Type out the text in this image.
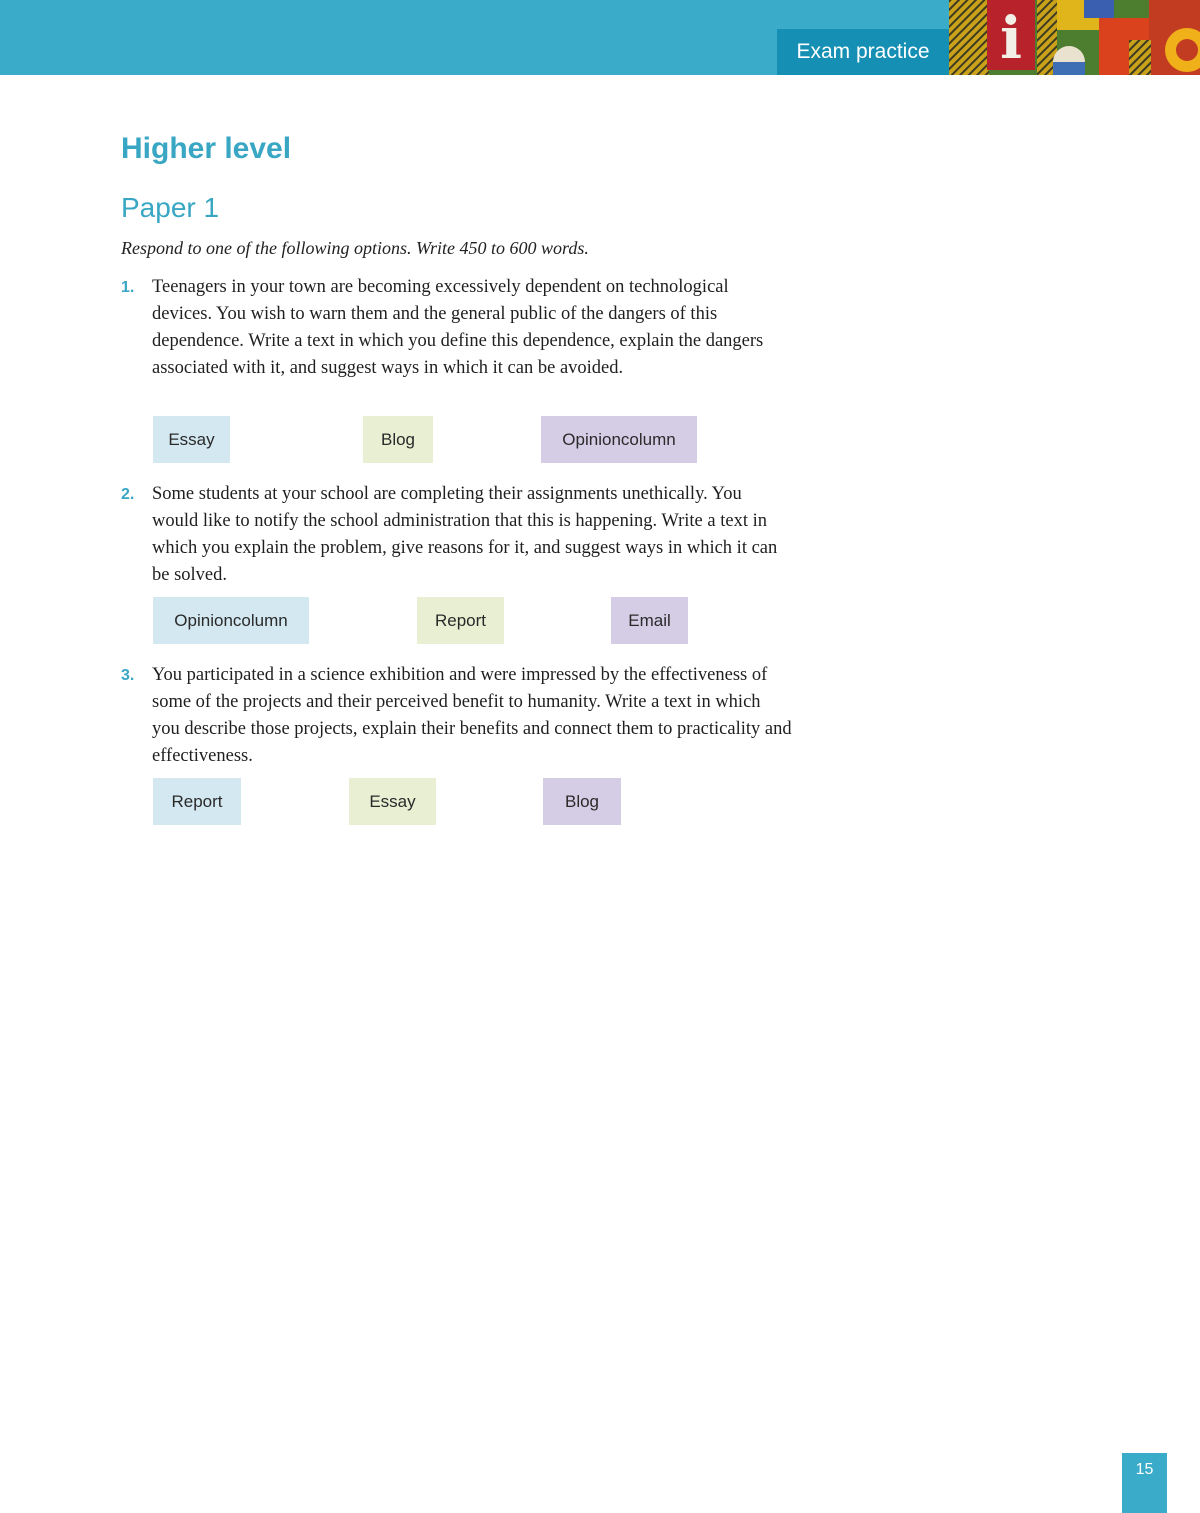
Exam practice	i
Higher level
Paper 1

Respond to one of the following options. Write 450 to 600 words.

1. Teenagers in your town are becoming excessively dependent on technological devices. You wish to warn them and the general public of the dangers of this dependence. Write a text in which you define this dependence, explain the dangers associated with it, and suggest ways in which it can be avoided.

Essay	Blog	Opinioncolumn
2. Some students at your school are completing their assignments unethically. You would like to notify the school administration that this is happening. Write a text in which you explain the problem, give reasons for it, and suggest ways in which it can be solved.

Opinioncolumn	Report	Email
3. You participated in a science exhibition and were impressed by the effectiveness of some of the projects and their perceived benefit to humanity. Write a text in which you describe those projects, explain their benefits and connect them to practicality and effectiveness.

Report	Essay	Blog
15
